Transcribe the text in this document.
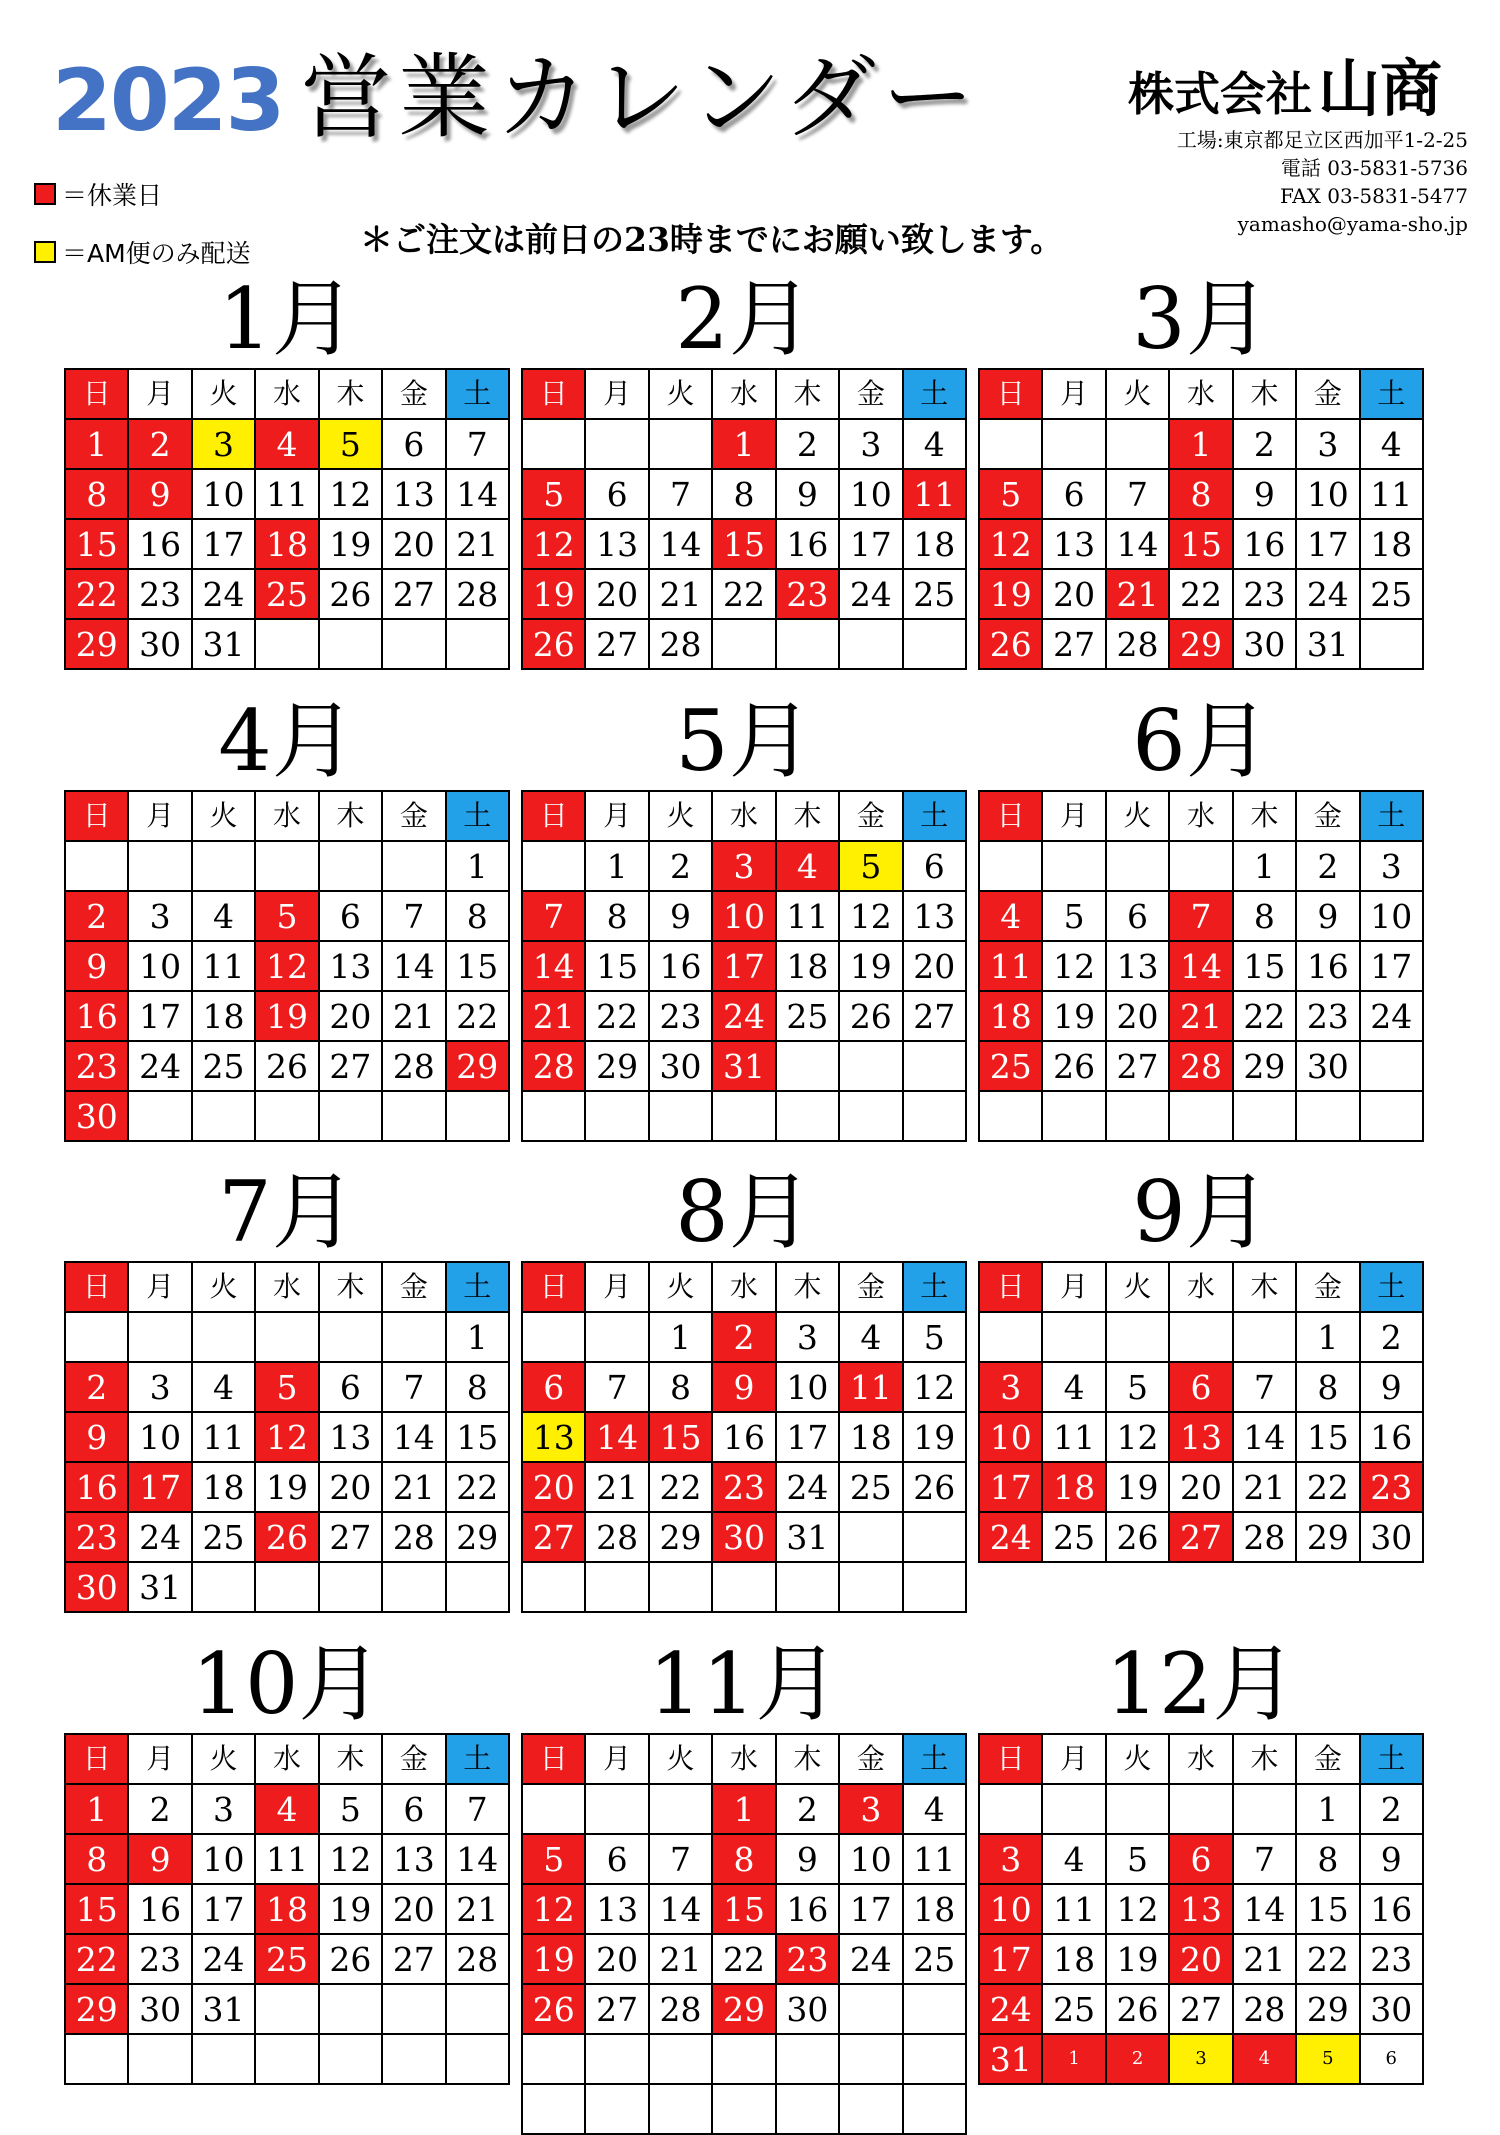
2023 営業カレンダー	株式会社山商
工場:東京都足立区西加平1-2-25
電話 03-5831-5736
FAX 03-5831-5477
yamasho@yama-sho.jp
＝休業日
＝AM便のみ配送	＊ご注文は前日の23時までにお願い致します。
1月
日	月	火	水	木	金	土
1	2	3	4	5	6	7
8	9	10	11	12	13	14
15	16	17	18	19	20	21
22	23	24	25	26	27	28
29	30	31				
2月
日	月	火	水	木	金	土
			1	2	3	4
5	6	7	8	9	10	11
12	13	14	15	16	17	18
19	20	21	22	23	24	25
26	27	28				
3月
日	月	火	水	木	金	土
			1	2	3	4
5	6	7	8	9	10	11
12	13	14	15	16	17	18
19	20	21	22	23	24	25
26	27	28	29	30	31	
4月
日	月	火	水	木	金	土
						1
2	3	4	5	6	7	8
9	10	11	12	13	14	15
16	17	18	19	20	21	22
23	24	25	26	27	28	29
30						
5月
日	月	火	水	木	金	土
	1	2	3	4	5	6
7	8	9	10	11	12	13
14	15	16	17	18	19	20
21	22	23	24	25	26	27
28	29	30	31			

6月
日	月	火	水	木	金	土
				1	2	3
4	5	6	7	8	9	10
11	12	13	14	15	16	17
18	19	20	21	22	23	24
25	26	27	28	29	30	

7月
日	月	火	水	木	金	土
						1
2	3	4	5	6	7	8
9	10	11	12	13	14	15
16	17	18	19	20	21	22
23	24	25	26	27	28	29
30	31					
8月
日	月	火	水	木	金	土
		1	2	3	4	5
6	7	8	9	10	11	12
13	14	15	16	17	18	19
20	21	22	23	24	25	26
27	28	29	30	31		

9月
日	月	火	水	木	金	土
					1	2
3	4	5	6	7	8	9
10	11	12	13	14	15	16
17	18	19	20	21	22	23
24	25	26	27	28	29	30
10月
日	月	火	水	木	金	土
1	2	3	4	5	6	7
8	9	10	11	12	13	14
15	16	17	18	19	20	21
22	23	24	25	26	27	28
29	30	31				

11月
日	月	火	水	木	金	土
			1	2	3	4
5	6	7	8	9	10	11
12	13	14	15	16	17	18
19	20	21	22	23	24	25
26	27	28	29	30		

12月
日	月	火	水	木	金	土
					1	2
3	4	5	6	7	8	9
10	11	12	13	14	15	16
17	18	19	20	21	22	23
24	25	26	27	28	29	30
31	1	2	3	4	5	6
